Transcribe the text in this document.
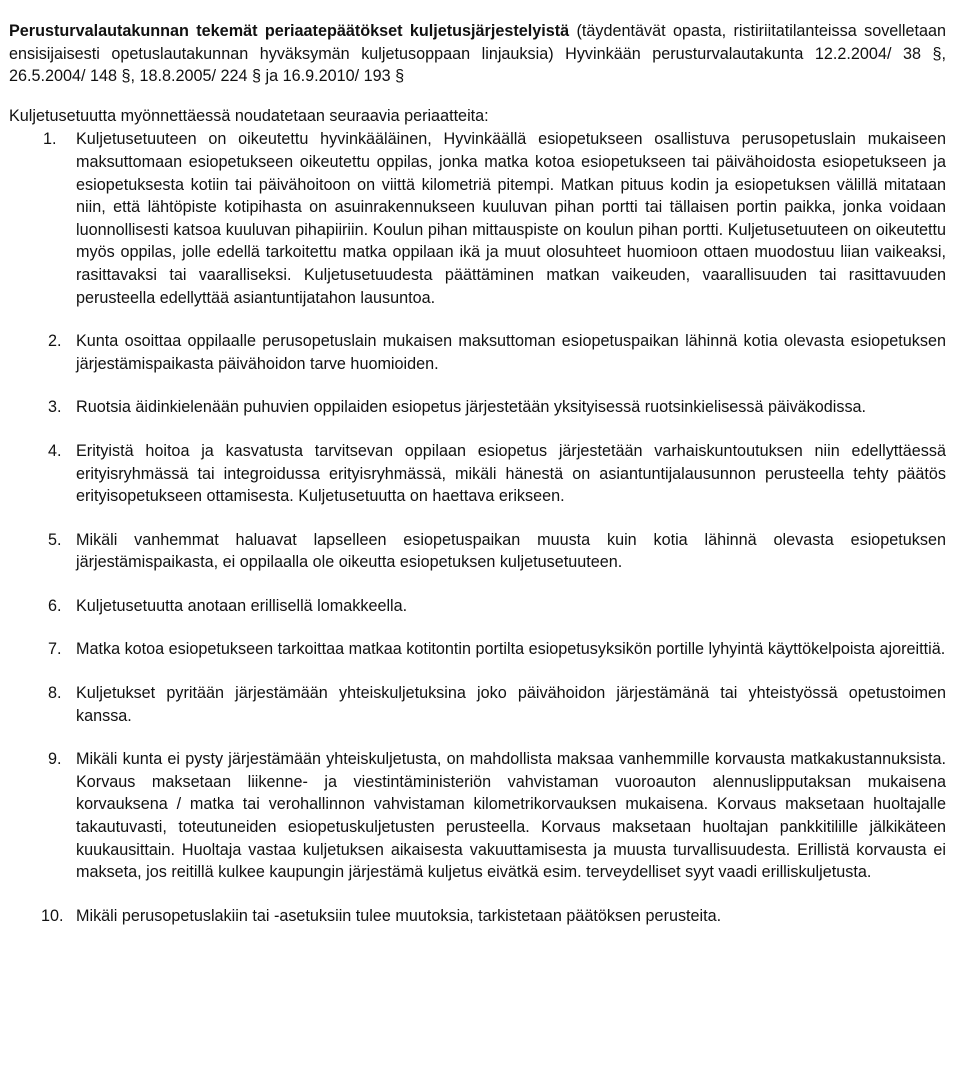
Perusturvalautakunnan tekemät periaatepäätökset kuljetusjärjestelyistä (täydentävät opasta, ristiriitatilanteissa sovelletaan ensisijaisesti opetuslautakunnan hyväksymän kuljetusoppaan linjauksia) Hyvinkään perusturvalautakunta 12.2.2004/ 38 §, 26.5.2004/ 148 §, 18.8.2005/ 224 § ja 16.9.2010/ 193 §
Kuljetusetuutta myönnettäessä noudatetaan seuraavia periaatteita:
1. Kuljetusetuuteen on oikeutettu hyvinkääläinen, Hyvinkäällä esiopetukseen osallistuva perusopetuslain mukaiseen maksuttomaan esiopetukseen oikeutettu oppilas, jonka matka kotoa esiopetukseen tai päivähoidosta esiopetukseen ja esiopetuksesta kotiin tai päivähoitoon on viittä kilometriä pitempi. Matkan pituus kodin ja esiopetuksen välillä mitataan niin, että lähtöpiste kotipihasta on asuinrakennukseen kuuluvan pihan portti tai tällaisen portin paikka, jonka voidaan luonnollisesti katsoa kuuluvan pihapiiriin. Koulun pihan mittauspiste on koulun pihan portti. Kuljetusetuuteen on oikeutettu myös oppilas, jolle edellä tarkoitettu matka oppilaan ikä ja muut olosuhteet huomioon ottaen muodostuu liian vaikeaksi, rasittavaksi tai vaaralliseksi. Kuljetusetuudesta päättäminen matkan vaikeuden, vaarallisuuden tai rasittavuuden perusteella edellyttää asiantuntijatahon lausuntoa.
2. Kunta osoittaa oppilaalle perusopetuslain mukaisen maksuttoman esiopetuspaikan lähinnä kotia olevasta esiopetuksen järjestämispaikasta päivähoidon tarve huomioiden.
3. Ruotsia äidinkielenään puhuvien oppilaiden esiopetus järjestetään yksityisessä ruotsinkielisessä päiväkodissa.
4. Erityistä hoitoa ja kasvatusta tarvitsevan oppilaan esiopetus järjestetään varhaiskuntoutuksen niin edellyttäessä erityisryhmässä tai integroidussa erityisryhmässä, mikäli hänestä on asiantuntijalausunnon perusteella tehty päätös erityisopetukseen ottamisesta. Kuljetusetuutta on haettava erikseen.
5. Mikäli vanhemmat haluavat lapselleen esiopetuspaikan muusta kuin kotia lähinnä olevasta esiopetuksen järjestämispaikasta, ei oppilaalla ole oikeutta esiopetuksen kuljetusetuuteen.
6. Kuljetusetuutta anotaan erillisellä lomakkeella.
7. Matka kotoa esiopetukseen tarkoittaa matkaa kotitontin portilta esiopetusyksikön portille lyhyintä käyttökelpoista ajoreittiä.
8. Kuljetukset pyritään järjestämään yhteiskuljetuksina joko päivähoidon järjestämänä tai yhteistyössä opetustoimen kanssa.
9. Mikäli kunta ei pysty järjestämään yhteiskuljetusta, on mahdollista maksaa vanhemmille korvausta matkakustannuksista. Korvaus maksetaan liikenne- ja viestintäministeriön vahvistaman vuoroauton alennuslipputaksan mukaisena korvauksena / matka tai verohallinnon vahvistaman kilometrikorvauksen mukaisena. Korvaus maksetaan huoltajalle takautuvasti, toteutuneiden esiopetuskuljetusten perusteella. Korvaus maksetaan huoltajan pankkitilille jälkikäteen kuukausittain. Huoltaja vastaa kuljetuksen aikaisesta vakuuttamisesta ja muusta turvallisuudesta. Erillistä korvausta ei makseta, jos reitillä kulkee kaupungin järjestämä kuljetus eivätkä esim. terveydelliset syyt vaadi erilliskuljetusta.
10. Mikäli perusopetuslakiin tai -asetuksiin tulee muutoksia, tarkistetaan päätöksen perusteita.
